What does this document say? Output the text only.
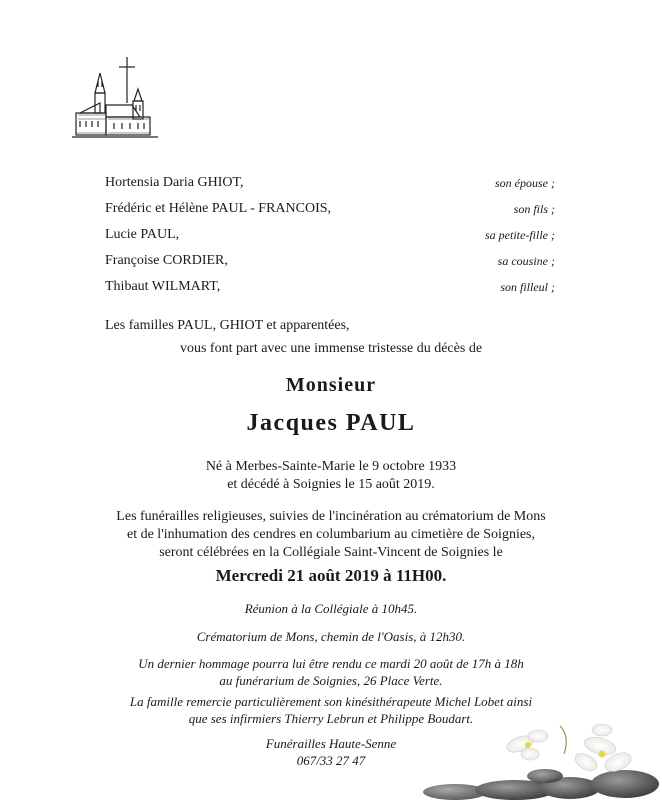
Hortensia Daria GHIOT,	son épouse ;
Frédéric et Hélène PAUL - FRANCOIS,	son fils ;
Lucie PAUL,	sa petite-fille ;
Françoise CORDIER,	sa cousine ;
Thibaut WILMART,	son filleul ;
Les familles PAUL, GHIOT et apparentées,
vous font part avec une immense tristesse du décès de
Monsieur
Jacques PAUL
Né à Merbes-Sainte-Marie le 9 octobre 1933
et décédé à Soignies le 15 août 2019.
Les funérailles religieuses, suivies de l'incinération au crématorium de Mons
et de l'inhumation des cendres en columbarium au cimetière de Soignies,
seront célébrées en la Collégiale Saint-Vincent de Soignies le
Mercredi 21 août 2019 à 11H00.
Réunion à la Collégiale à 10h45.
Crématorium de Mons, chemin de l'Oasis, à 12h30.
Un dernier hommage pourra lui être rendu ce mardi 20 août de 17h à 18h
au funérarium de Soignies, 26 Place Verte.
La famille remercie particulièrement son kinésithérapeute Michel Lobet ainsi
que ses infirmiers Thierry Lebrun et Philippe Boudart.
Funérailles Haute-Senne
067/33 27 47
